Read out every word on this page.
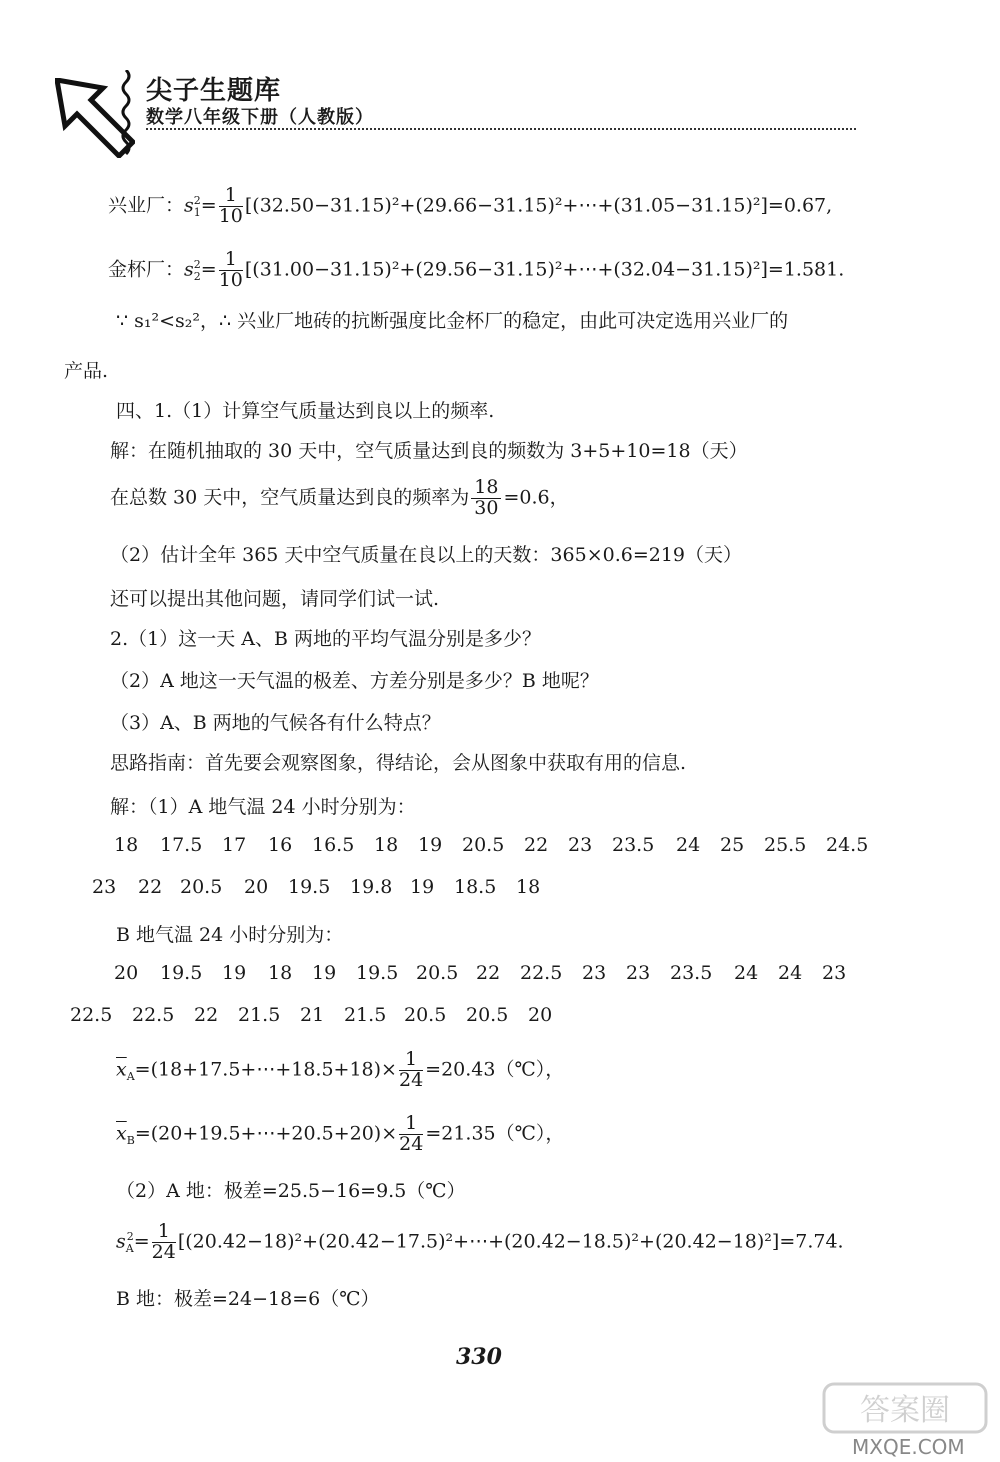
尖子生题库
数学八年级下册（人教版）
兴业厂：$s_1^2= \frac{1}{10}$ [(32.50−31.15)²+(29.66−31.15)²+⋯+(31.05−31.15)²]=0.67,
金杯厂：$s_2^2= \frac{1}{10}$ [(31.00−31.15)²+(29.56−31.15)²+⋯+(32.04−31.15)²]=1.581.
∵ s₁²<s₂²，∴ 兴业厂地砖的抗断强度比金杯厂的稳定，由此可决定选用兴业厂的
产品.
四、1.（1）计算空气质量达到良以上的频率.
解：在随机抽取的 30 天中，空气质量达到良的频数为 3+5+10=18（天）
在总数 30 天中，空气质量达到良的频率为 $\frac{18}{30} =0.6$，
（2）估计全年 365 天中空气质量在良以上的天数：365×0.6=219（天）
还可以提出其他问题，请同学们试一试.
2.（1）这一天 A、B 两地的平均气温分别是多少？
（2）A 地这一天气温的极差、方差分别是多少？B 地呢？
（3）A、B 两地的气候各有什么特点？
思路指南：首先要会观察图象，得结论，会从图象中获取有用的信息.
解：（1）A 地气温 24 小时分别为：
18 17.5 17 16 16.5 18 19 20.5 22 23 23.5 24 25 25.5 24.5
23 22 20.5 20 19.5 19.8 19 18.5 18
B 地气温 24 小时分别为：
20 19.5 19 18 19 19.5 20.5 22 22.5 23 23 23.5 24 24 23
22.5 22.5 22 21.5 21 21.5 20.5 20.5 20
$\overline{x}_A=(18+17.5+\cdots+18.5+18)\times \frac{1}{24}$ =20.43（℃），
$\overline{x}_B=(20+19.5+\cdots+20.5+20)\times \frac{1}{24}$ =21.35（℃），
（2）A 地：极差=25.5−16=9.5（℃）
$s_A^2= \frac{1}{24}$ [(20.42−18)²+(20.42−17.5)²+⋯+(20.42−18.5)²+(20.42−18)²]=7.74.
B 地：极差=24−18=6（℃）
330
答案圈
MXQE.COM
